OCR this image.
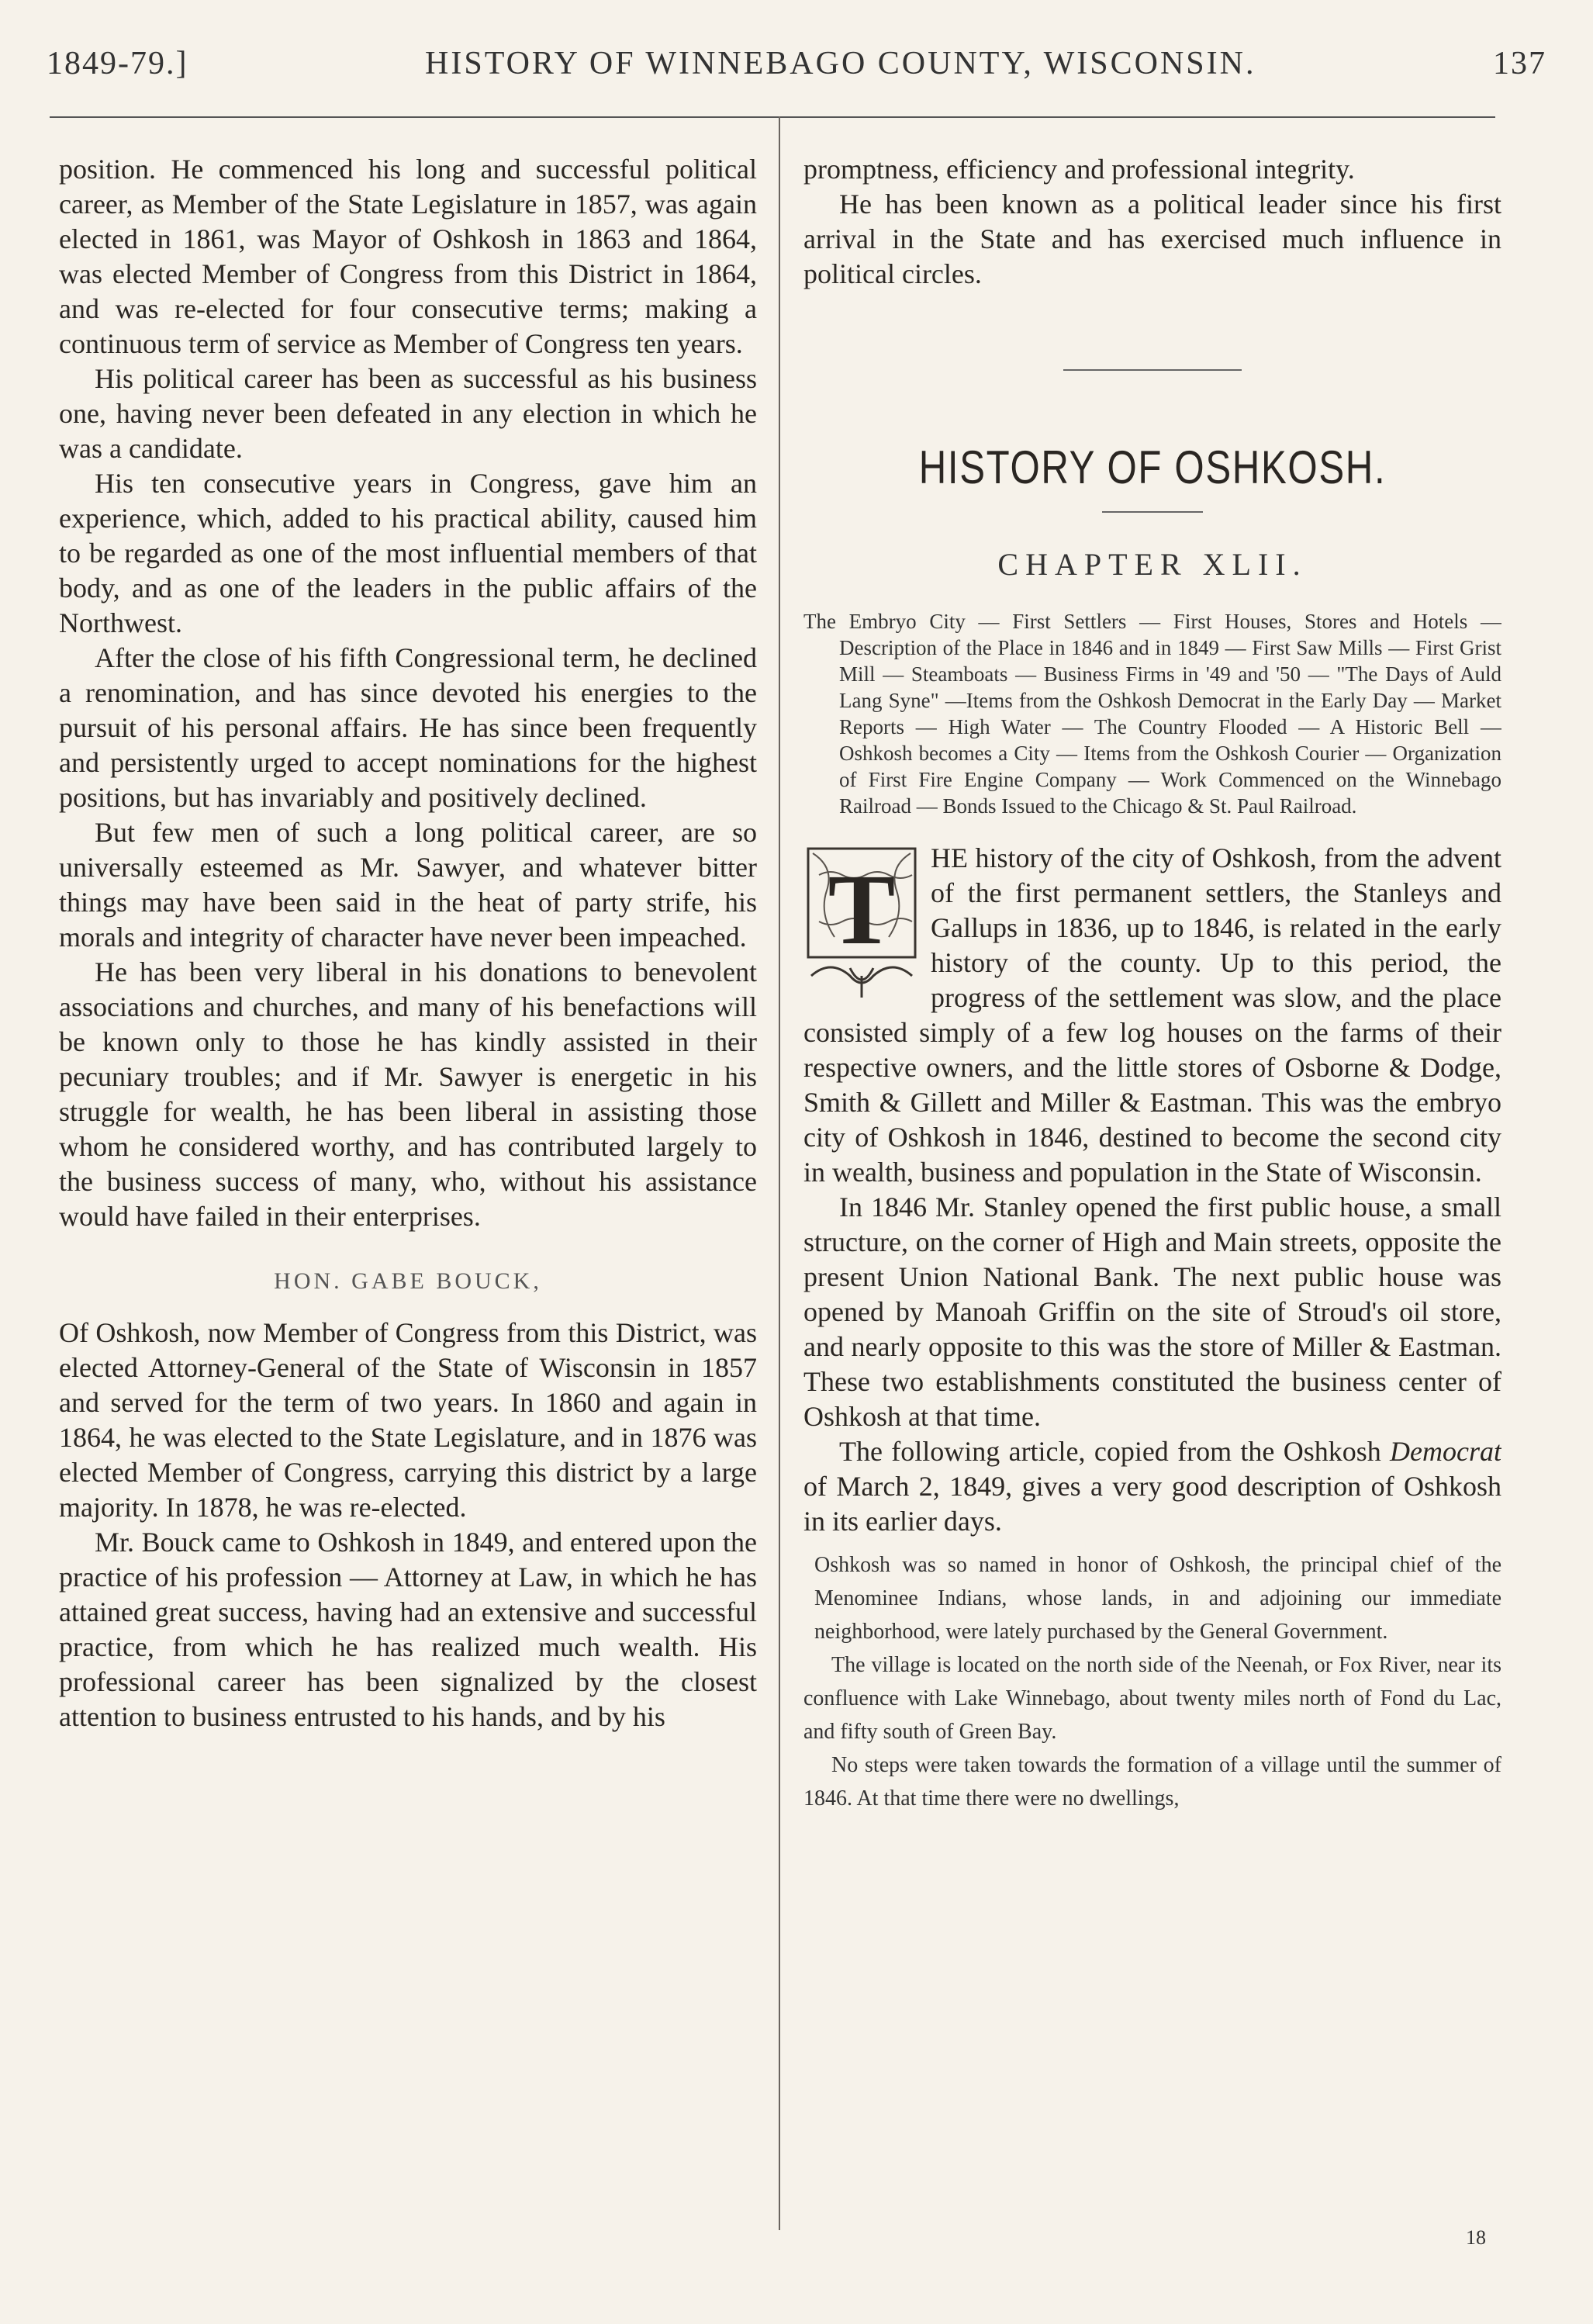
1849-79.]	HISTORY OF WINNEBAGO COUNTY, WISCONSIN.	137

position. He commenced his long and successful political career, as Member of the State Legislature in 1857, was again elected in 1861, was Mayor of Oshkosh in 1863 and 1864, was elected Member of Congress from this District in 1864, and was re-elected for four consecutive terms; making a continuous term of service as Member of Congress ten years.

His political career has been as successful as his business one, having never been defeated in any election in which he was a candidate.

His ten consecutive years in Congress, gave him an experience, which, added to his practical ability, caused him to be regarded as one of the most influential members of that body, and as one of the leaders in the public affairs of the Northwest.

After the close of his fifth Congressional term, he declined a renomination, and has since devoted his energies to the pursuit of his personal affairs. He has since been frequently and persistently urged to accept nominations for the highest positions, but has invariably and positively declined.

But few men of such a long political career, are so universally esteemed as Mr. Sawyer, and whatever bitter things may have been said in the heat of party strife, his morals and integrity of character have never been impeached.

He has been very liberal in his donations to benevolent associations and churches, and many of his benefactions will be known only to those he has kindly assisted in their pecuniary troubles; and if Mr. Sawyer is energetic in his struggle for wealth, he has been liberal in assisting those whom he considered worthy, and has contributed largely to the business success of many, who, without his assistance would have failed in their enterprises.

HON. GABE BOUCK,

Of Oshkosh, now Member of Congress from this District, was elected Attorney-General of the State of Wisconsin in 1857 and served for the term of two years. In 1860 and again in 1864, he was elected to the State Legislature, and in 1876 was elected Member of Congress, carrying this district by a large majority. In 1878, he was re-elected.

Mr. Bouck came to Oshkosh in 1849, and entered upon the practice of his profession — Attorney at Law, in which he has attained great success, having had an extensive and successful practice, from which he has realized much wealth. His professional career has been signalized by the closest attention to business entrusted to his hands, and by his

promptness, efficiency and professional integrity.

He has been known as a political leader since his first arrival in the State and has exercised much influence in political circles.

HISTORY OF OSHKOSH.
CHAPTER XLII.
The Embryo City — First Settlers — First Houses, Stores and Hotels — Description of the Place in 1846 and in 1849 — First Saw Mills — First Grist Mill — Steamboats — Business Firms in '49 and '50 — "The Days of Auld Lang Syne" —Items from the Oshkosh Democrat in the Early Day — Market Reports — High Water — The Country Flooded — A Historic Bell — Oshkosh becomes a City — Items from the Oshkosh Courier — Organization of First Fire Engine Company — Work Commenced on the Winnebago Railroad — Bonds Issued to the Chicago & St. Paul Railroad.
T	HE history of the city of Oshkosh, from the advent of the first permanent settlers, the Stanleys and Gallups in 1836, up to 1846, is related in the early history of the county. Up to this period, the progress of the settlement was slow, and the place consisted simply of a few log houses on the farms of their respective owners, and the little stores of Osborne & Dodge, Smith & Gillett and Miller & Eastman. This was the embryo city of Oshkosh in 1846, destined to become the second city in wealth, business and population in the State of Wisconsin.

In 1846 Mr. Stanley opened the first public house, a small structure, on the corner of High and Main streets, opposite the present Union National Bank. The next public house was opened by Manoah Griffin on the site of Stroud's oil store, and nearly opposite to this was the store of Miller & Eastman. These two establishments constituted the business center of Oshkosh at that time.

The following article, copied from the Oshkosh Democrat of March 2, 1849, gives a very good description of Oshkosh in its earlier days.

Oshkosh was so named in honor of Oshkosh, the principal chief of the Menominee Indians, whose lands, in and adjoining our immediate neighborhood, were lately purchased by the General Government.

The village is located on the north side of the Neenah, or Fox River, near its confluence with Lake Winnebago, about twenty miles north of Fond du Lac, and fifty south of Green Bay.

No steps were taken towards the formation of a village until the summer of 1846. At that time there were no dwellings,

18
